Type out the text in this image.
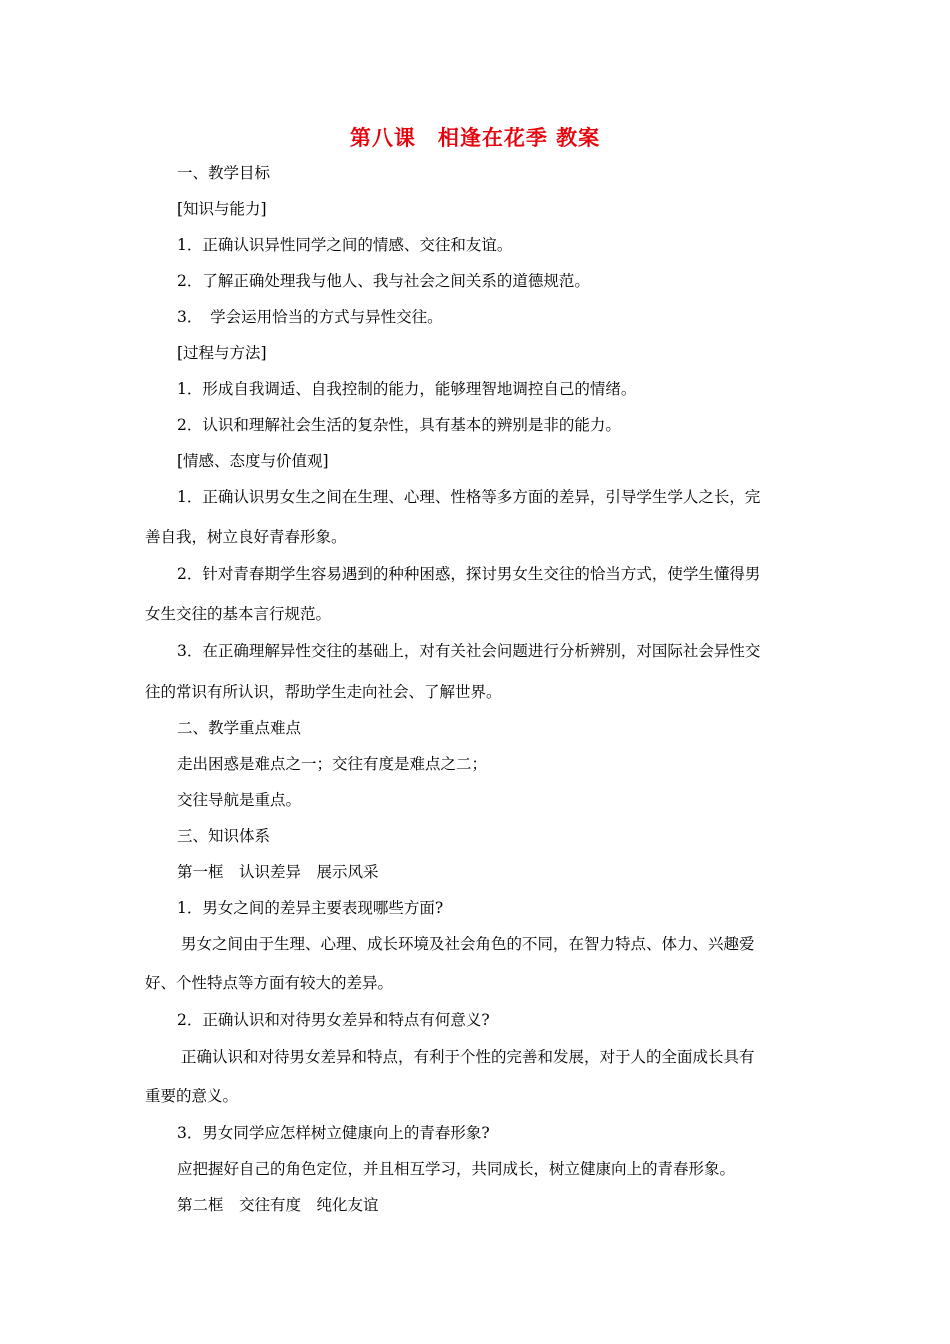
第八课　相逢在花季 教案
一、教学目标
[知识与能力]
1．正确认识异性同学之间的情感、交往和友谊。
2．了解正确处理我与他人、我与社会之间关系的道德规范。
3．　学会运用恰当的方式与异性交往。
[过程与方法]
1．形成自我调适、自我控制的能力，能够理智地调控自己的情绪。
2．认识和理解社会生活的复杂性，具有基本的辨别是非的能力。
[情感、态度与价值观]
1．正确认识男女生之间在生理、心理、性格等多方面的差异，引导学生学人之长，完
善自我，树立良好青春形象。
2．针对青春期学生容易遇到的种种困惑，探讨男女生交往的恰当方式，使学生懂得男
女生交往的基本言行规范。
3．在正确理解异性交往的基础上，对有关社会问题进行分析辨别，对国际社会异性交
往的常识有所认识，帮助学生走向社会、了解世界。
二、教学重点难点
走出困惑是难点之一；交往有度是难点之二；
交往导航是重点。
三、知识体系
第一框　认识差异　展示风采
1．男女之间的差异主要表现哪些方面?
男女之间由于生理、心理、成长环境及社会角色的不同，在智力特点、体力、兴趣爱
好、个性特点等方面有较大的差异。
2．正确认识和对待男女差异和特点有何意义?
正确认识和对待男女差异和特点，有利于个性的完善和发展，对于人的全面成长具有
重要的意义。
3．男女同学应怎样树立健康向上的青春形象?
应把握好自己的角色定位，并且相互学习，共同成长，树立健康向上的青春形象。
第二框　交往有度　纯化友谊
